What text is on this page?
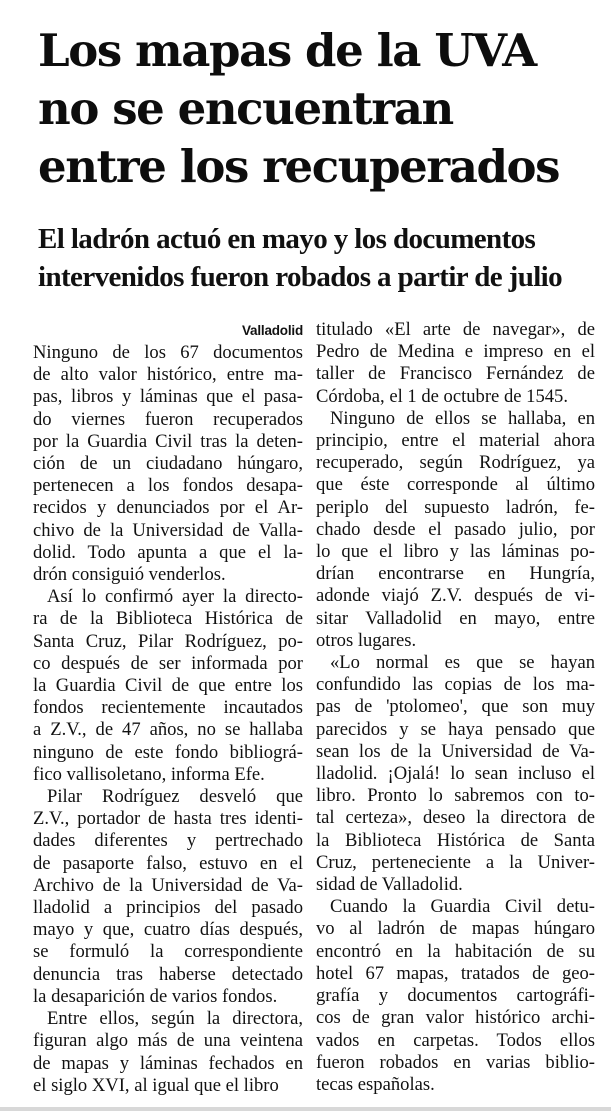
Los mapas de la UVA
no se encuentran
entre los recuperados
El ladrón actuó en mayo y los documentos
intervenidos fueron robados a partir de julio
Valladolid
Ninguno de los 67 documentos
de alto valor histórico, entre ma-
pas, libros y láminas que el pasa-
do viernes fueron recuperados
por la Guardia Civil tras la deten-
ción de un ciudadano húngaro,
pertenecen a los fondos desapa-
recidos y denunciados por el Ar-
chivo de la Universidad de Valla-
dolid. Todo apunta a que el la-
drón consiguió venderlos.
Así lo confirmó ayer la directo-
ra de la Biblioteca Histórica de
Santa Cruz, Pilar Rodríguez, po-
co después de ser informada por
la Guardia Civil de que entre los
fondos recientemente incautados
a Z.V., de 47 años, no se hallaba
ninguno de este fondo bibliográ-
fico vallisoletano, informa Efe.
Pilar Rodríguez desveló que
Z.V., portador de hasta tres identi-
dades diferentes y pertrechado
de pasaporte falso, estuvo en el
Archivo de la Universidad de Va-
lladolid a principios del pasado
mayo y que, cuatro días después,
se formuló la correspondiente
denuncia tras haberse detectado
la desaparición de varios fondos.
Entre ellos, según la directora,
figuran algo más de una veintena
de mapas y láminas fechados en
el siglo XVI, al igual que el libro
titulado «El arte de navegar», de
Pedro de Medina e impreso en el
taller de Francisco Fernández de
Córdoba, el 1 de octubre de 1545.
Ninguno de ellos se hallaba, en
principio, entre el material ahora
recuperado, según Rodríguez, ya
que éste corresponde al último
periplo del supuesto ladrón, fe-
chado desde el pasado julio, por
lo que el libro y las láminas po-
drían encontrarse en Hungría,
adonde viajó Z.V. después de vi-
sitar Valladolid en mayo, entre
otros lugares.
«Lo normal es que se hayan
confundido las copias de los ma-
pas de 'ptolomeo', que son muy
parecidos y se haya pensado que
sean los de la Universidad de Va-
lladolid. ¡Ojalá! lo sean incluso el
libro. Pronto lo sabremos con to-
tal certeza», deseo la directora de
la Biblioteca Histórica de Santa
Cruz, perteneciente a la Univer-
sidad de Valladolid.
Cuando la Guardia Civil detu-
vo al ladrón de mapas húngaro
encontró en la habitación de su
hotel 67 mapas, tratados de geo-
grafía y documentos cartográfi-
cos de gran valor histórico archi-
vados en carpetas. Todos ellos
fueron robados en varias biblio-
tecas españolas.
